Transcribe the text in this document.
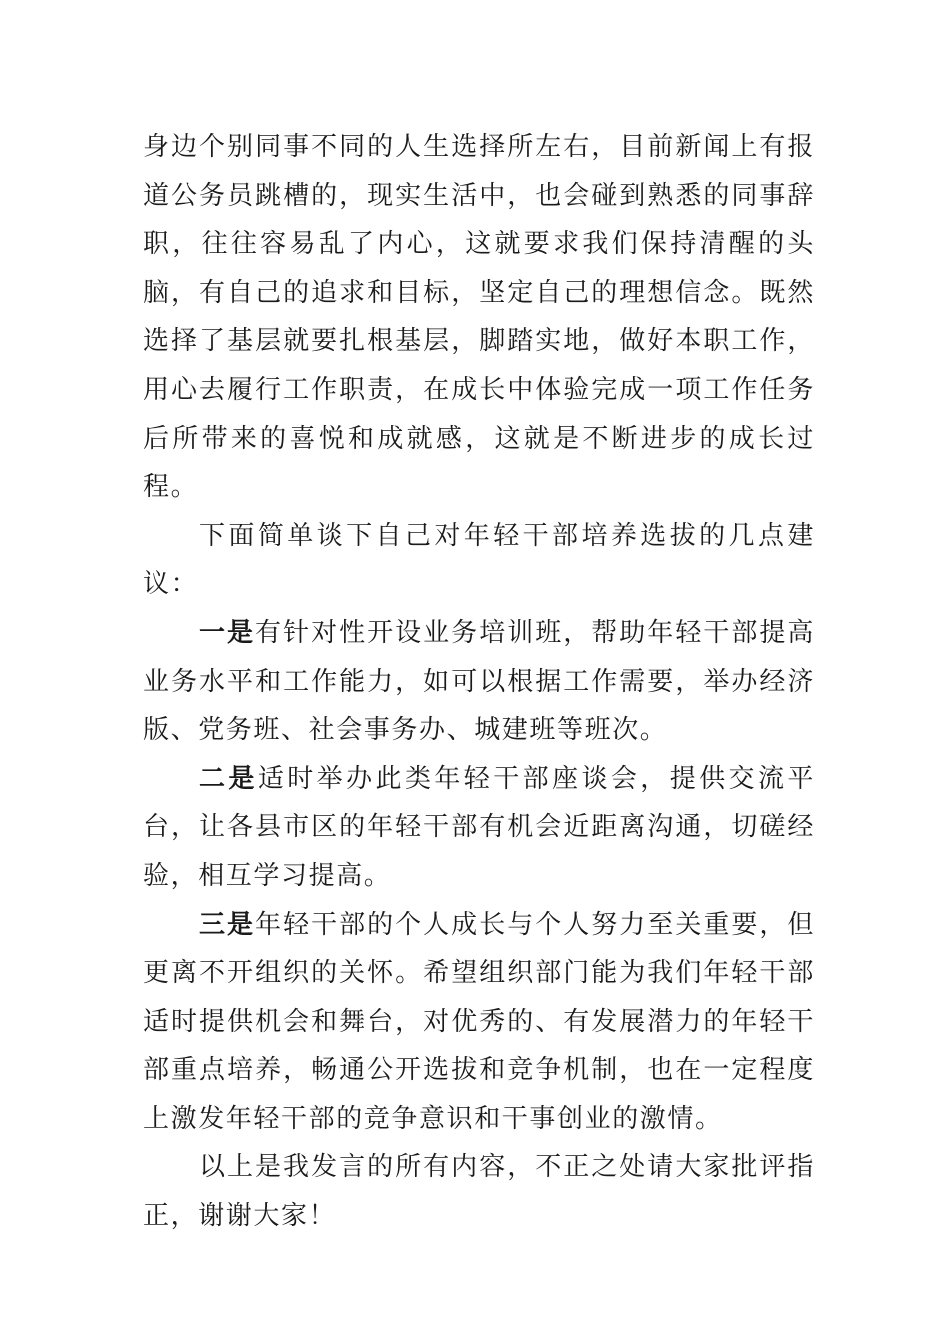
身边个别同事不同的人生选择所左右，目前新闻上有报道公务员跳槽的，现实生活中，也会碰到熟悉的同事辞职，往往容易乱了内心，这就要求我们保持清醒的头脑，有自己的追求和目标，坚定自己的理想信念。既然选择了基层就要扎根基层，脚踏实地，做好本职工作，用心去履行工作职责，在成长中体验完成一项工作任务后所带来的喜悦和成就感，这就是不断进步的成长过程。

下面简单谈下自己对年轻干部培养选拔的几点建议：

一是有针对性开设业务培训班，帮助年轻干部提高业务水平和工作能力，如可以根据工作需要，举办经济版、党务班、社会事务办、城建班等班次。

二是适时举办此类年轻干部座谈会，提供交流平台，让各县市区的年轻干部有机会近距离沟通，切磋经验，相互学习提高。

三是年轻干部的个人成长与个人努力至关重要，但更离不开组织的关怀。希望组织部门能为我们年轻干部适时提供机会和舞台，对优秀的、有发展潜力的年轻干部重点培养，畅通公开选拔和竞争机制，也在一定程度上激发年轻干部的竞争意识和干事创业的激情。

以上是我发言的所有内容，不正之处请大家批评指正，谢谢大家！
